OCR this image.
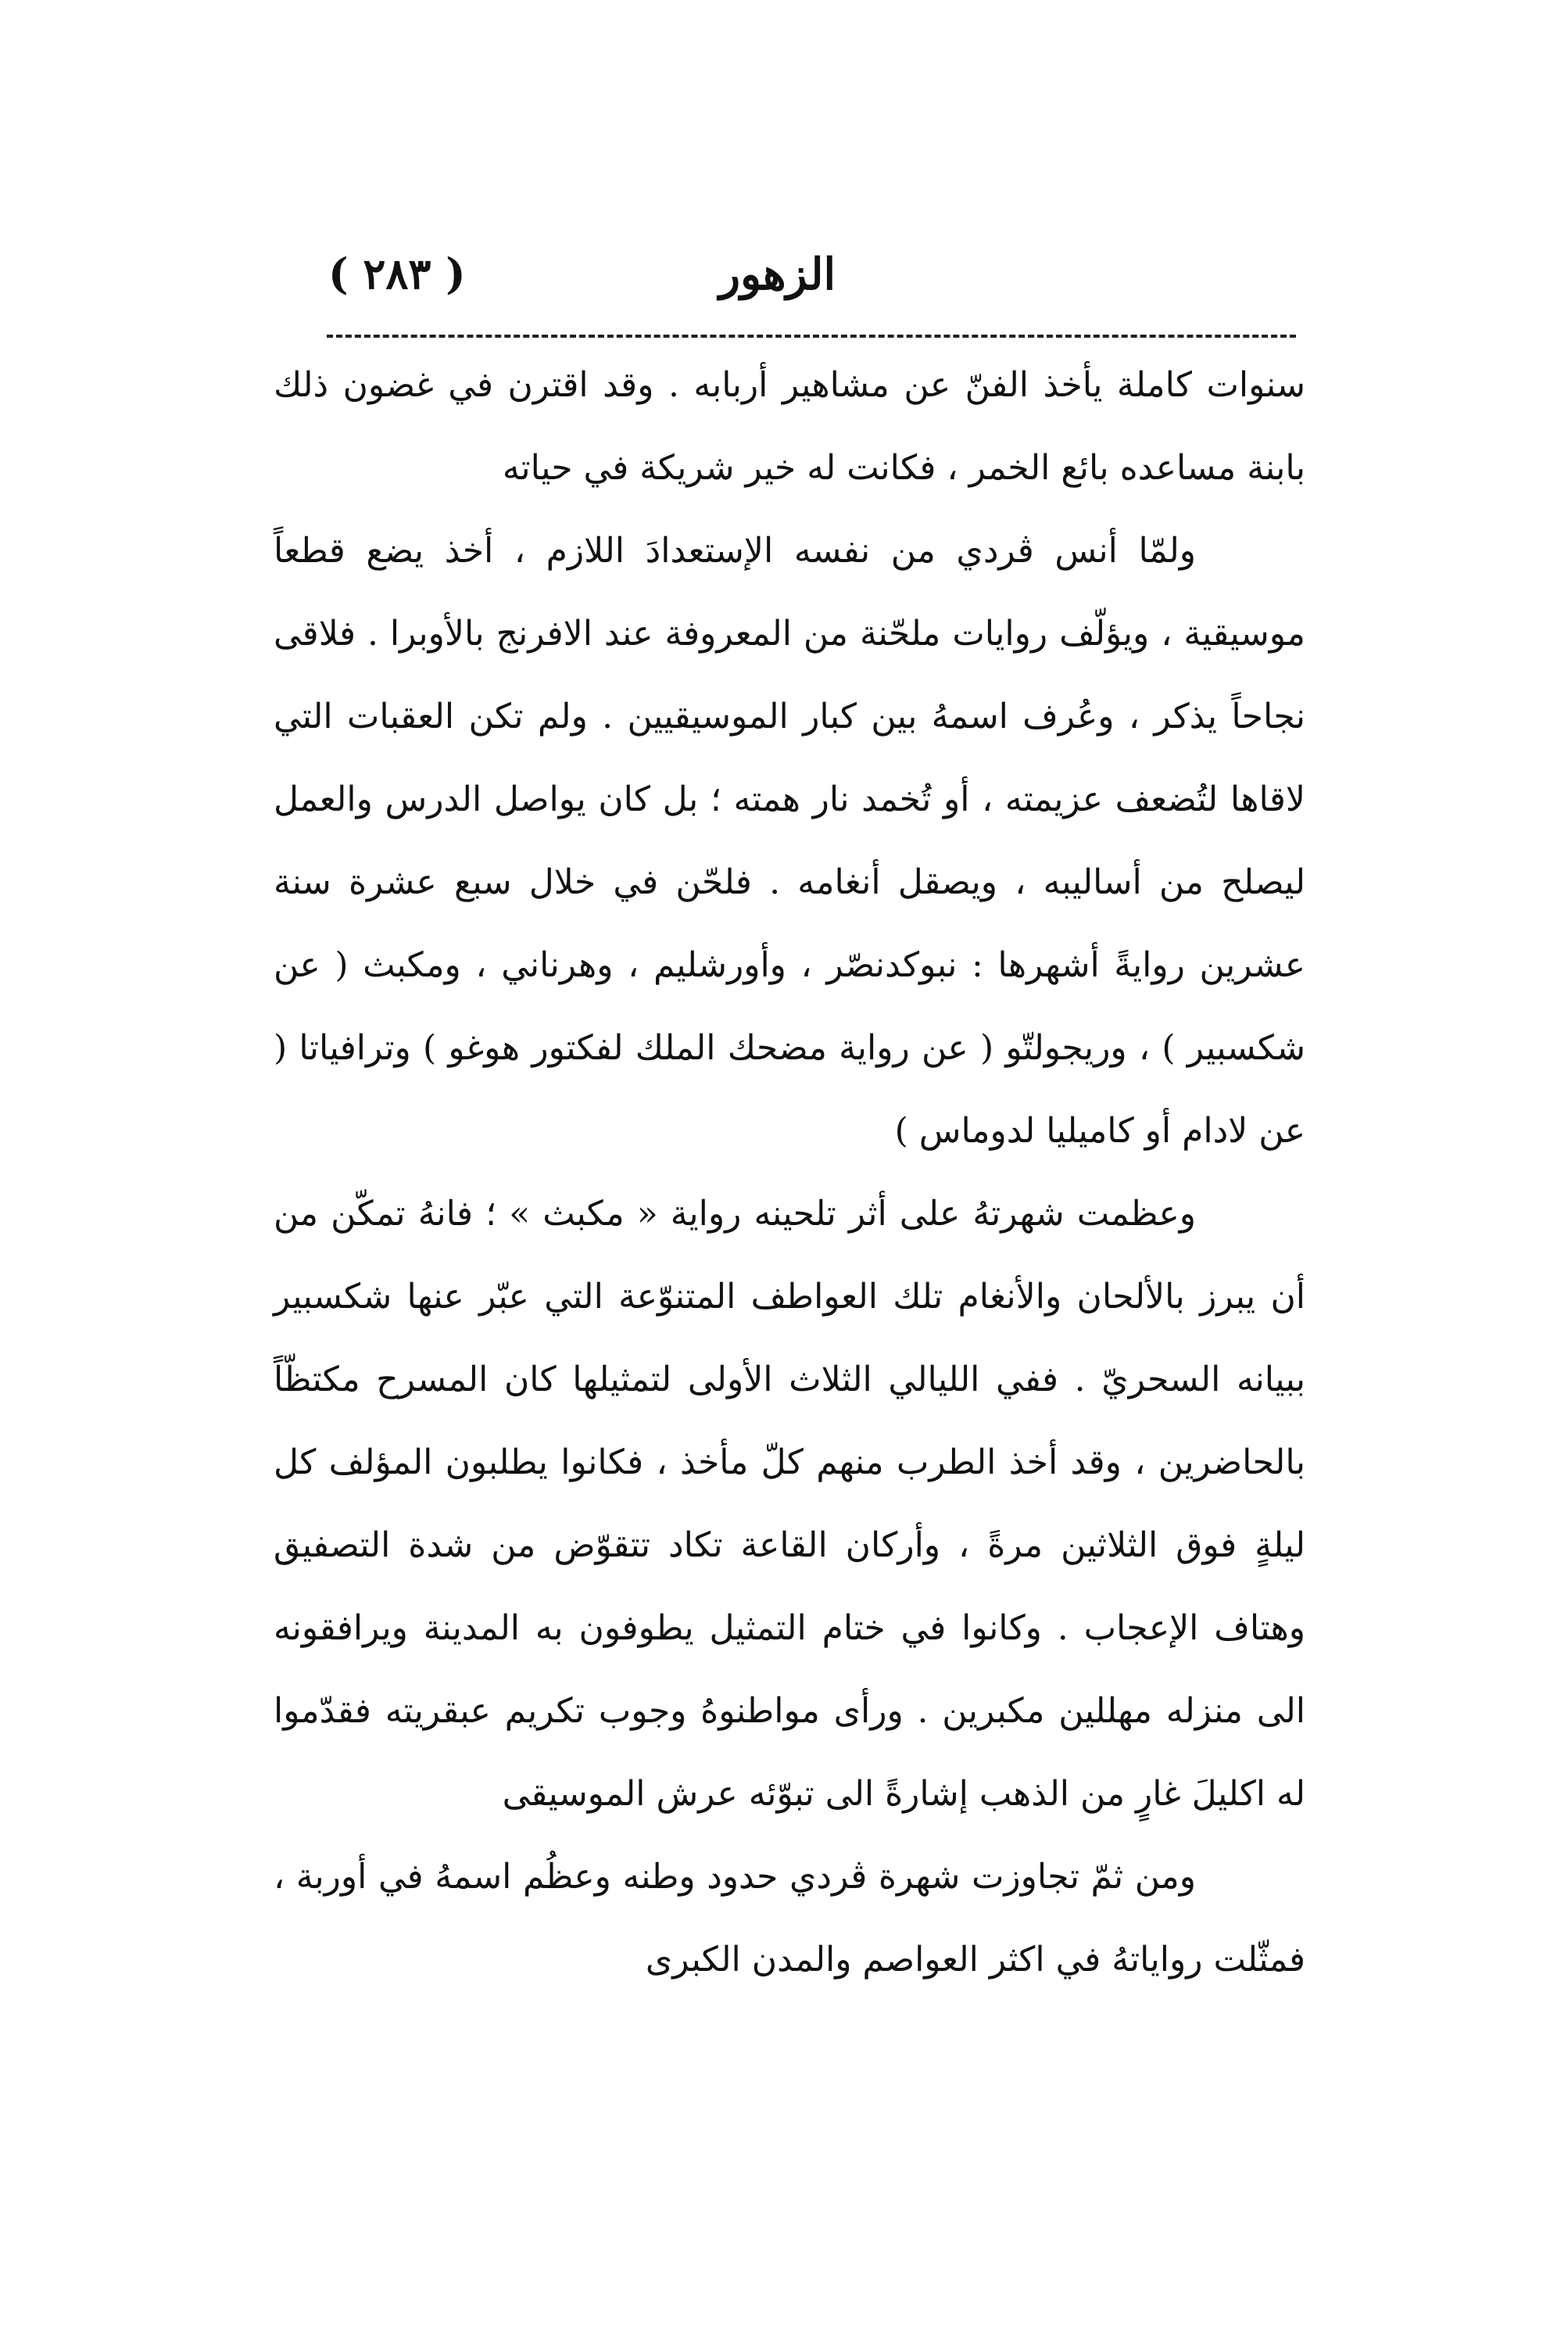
( ٢٨٣ )	الزهور

سنوات كاملة يأخذ الفنّ عن مشاهير أربابه . وقد اقترن في غضون ذلك بابنة مساعده بائع الخمر ، فكانت له خير شريكة في حياته

ولمّا أنس ڤردي من نفسه الإستعدادَ اللازم ، أخذ يضع قطعاً موسيقية ، ويؤلّف روايات ملحّنة من المعروفة عند الافرنج بالأوبرا . فلاقى نجاحاً يذكر ، وعُرف اسمهُ بين كبار الموسيقيين . ولم تكن العقبات التي لاقاها لتُضعف عزيمته ، أو تُخمد نار همته ؛ بل كان يواصل الدرس والعمل ليصلح من أساليبه ، ويصقل أنغامه . فلحّن في خلال سبع عشرة سنة عشرين روايةً أشهرها : نبوكدنصّر ، وأورشليم ، وهرناني ، ومكبث ( عن شكسبير ) ، وريجولتّو ( عن رواية مضحك الملك لفكتور هوغو ) وترافياتا ( عن لادام أو كاميليا لدوماس )

وعظمت شهرتهُ على أثر تلحينه رواية « مكبث » ؛ فانهُ تمكّن من أن يبرز بالألحان والأنغام تلك العواطف المتنوّعة التي عبّر عنها شكسبير ببيانه السحريّ . ففي الليالي الثلاث الأولى لتمثيلها كان المسرح مكتظّاً بالحاضرين ، وقد أخذ الطرب منهم كلّ مأخذ ، فكانوا يطلبون المؤلف كل ليلةٍ فوق الثلاثين مرةً ، وأركان القاعة تكاد تتقوّض من شدة التصفيق وهتاف الإعجاب . وكانوا في ختام التمثيل يطوفون به المدينة ويرافقونه الى منزله مهللين مكبرين . ورأى مواطنوهُ وجوب تكريم عبقريته فقدّموا له اكليلَ غارٍ من الذهب إشارةً الى تبوّئه عرش الموسيقى

ومن ثمّ تجاوزت شهرة ڤردي حدود وطنه وعظُم اسمهُ في أوربة ، فمثّلت رواياتهُ في اكثر العواصم والمدن الكبرى
